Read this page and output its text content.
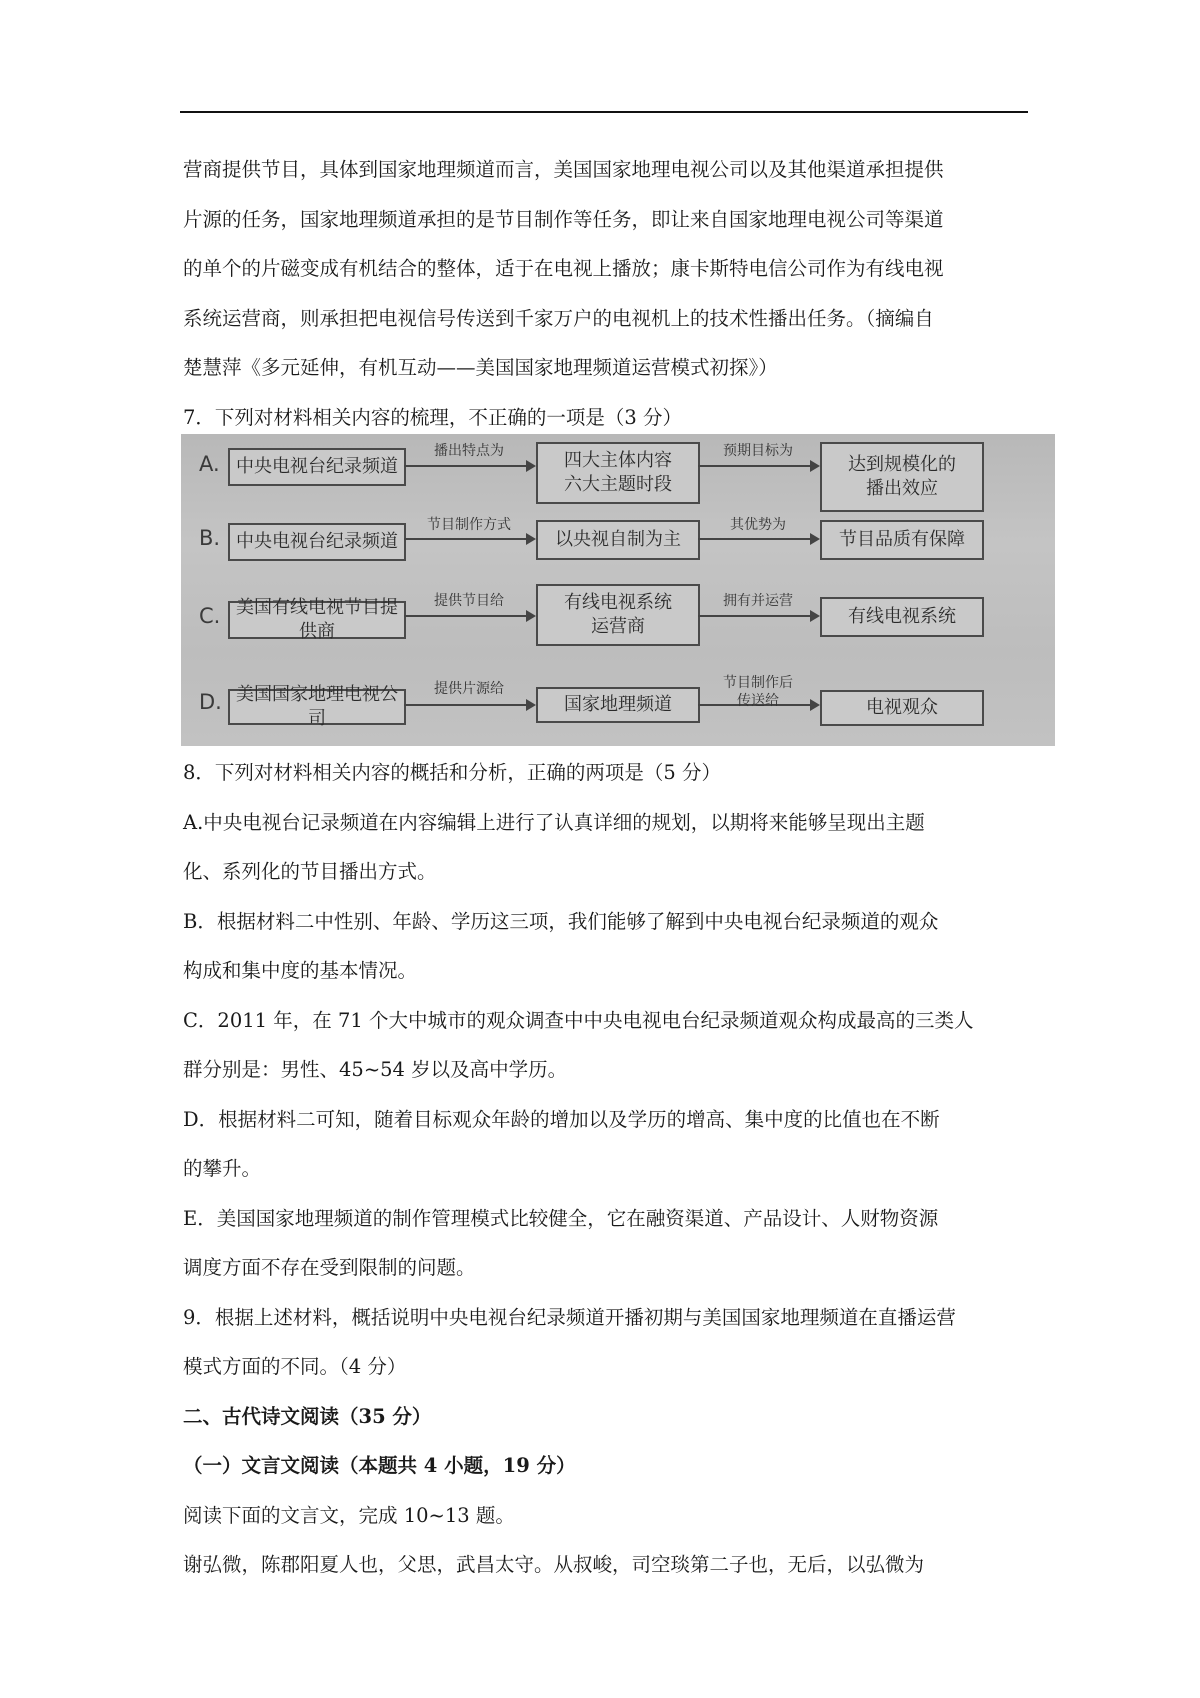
营商提供节目，具体到国家地理频道而言，美国国家地理电视公司以及其他渠道承担提供
片源的任务，国家地理频道承担的是节目制作等任务，即让来自国家地理电视公司等渠道
的单个的片磁变成有机结合的整体，适于在电视上播放；康卡斯特电信公司作为有线电视
系统运营商，则承担把电视信号传送到千家万户的电视机上的技术性播出任务。（摘编自
楚慧萍《多元延伸，有机互动——美国国家地理频道运营模式初探》）
7．下列对材料相关内容的梳理，不正确的一项是（3 分）
A. 中央电视台纪录频道
播出特点为	四大主体内容
六大主题时段
预期目标为
达到规模化的
播出效应
B. 中央电视台纪录频道
节目制作方式
以央视自制为主
其优势为
节目品质有保障
C. 美国有线电视节目提供商
提供节目给	有线电视系统
运营商
拥有并运营
有线电视系统
D. 美国国家地理电视公司
提供片源给
国家地理频道
节目制作后
传送给	电视观众
8．下列对材料相关内容的概括和分析，正确的两项是（5 分）
A.中央电视台记录频道在内容编辑上进行了认真详细的规划，以期将来能够呈现出主题
化、系列化的节目播出方式。
B．根据材料二中性别、年龄、学历这三项，我们能够了解到中央电视台纪录频道的观众
构成和集中度的基本情况。
C．2011 年，在 71 个大中城市的观众调查中中央电视电台纪录频道观众构成最高的三类人
群分别是：男性、45~54 岁以及高中学历。
D．根据材料二可知，随着目标观众年龄的增加以及学历的增高、集中度的比值也在不断
的攀升。
E．美国国家地理频道的制作管理模式比较健全，它在融资渠道、产品设计、人财物资源
调度方面不存在受到限制的问题。
9．根据上述材料，概括说明中央电视台纪录频道开播初期与美国国家地理频道在直播运营
模式方面的不同。（4 分）
二、古代诗文阅读（35 分）
（一）文言文阅读（本题共 4 小题，19 分）
阅读下面的文言文，完成 10~13 题。
谢弘微，陈郡阳夏人也，父思，武昌太守。从叔峻，司空琰第二子也，无后，以弘微为
